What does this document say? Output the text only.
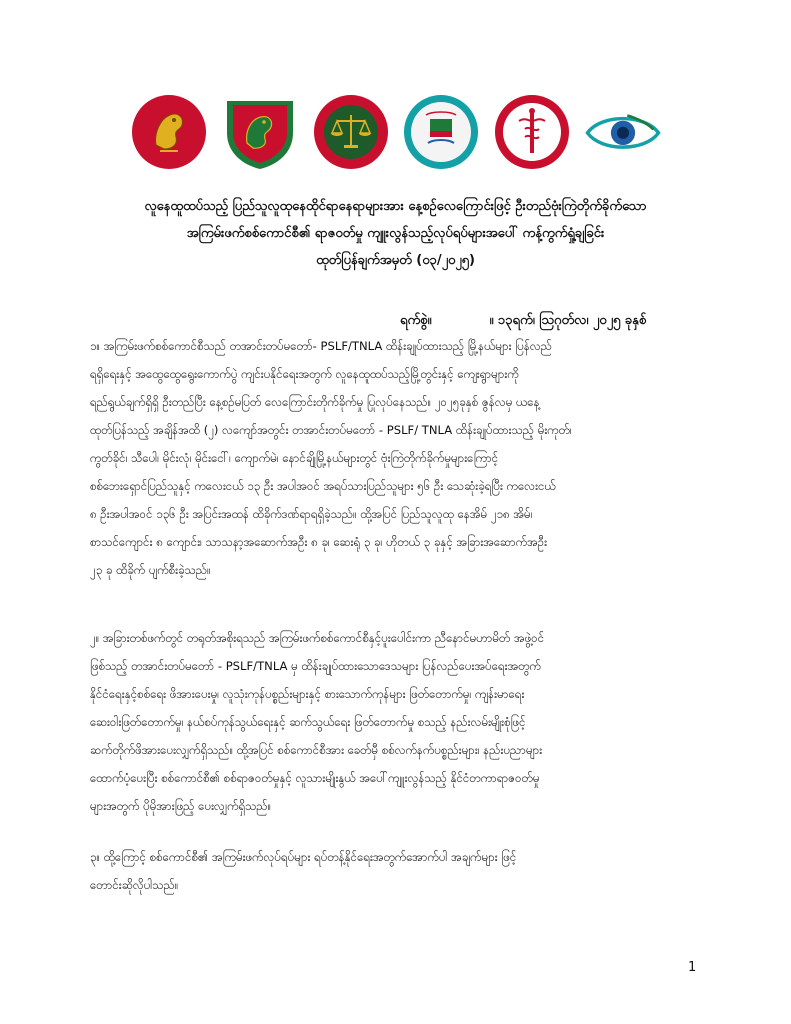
လူနေထူထပ်သည့် ပြည်သူလူထုနေထိုင်ရာနေရာများအား နေ့စဉ်လေကြောင်းဖြင့် ဦးတည်ဗုံးကြဲတိုက်ခိုက်သော
အကြမ်းဖက်စစ်ကောင်စီ၏ ရာဇဝတ်မှု ကျူးလွန်သည့်လုပ်ရပ်များအပေါ် ကန့်ကွက်ရှုံ့ချခြင်း
ထုတ်ပြန်ချက်အမှတ် (၀၃/၂၀၂၅)
ရက်စွဲ။	။ ၁၃ရက်၊ ဩဂုတ်လ၊ ၂၀၂၅ ခုနှစ်
၁။ အကြမ်းဖက်စစ်ကောင်စီသည် တအာင်းတပ်မတော်- PSLF/TNLA ထိန်းချုပ်ထားသည့် မြို့နယ်များ ပြန်လည်
ရရှိရေးနှင့် အထွေထွေရွေးကောက်ပွဲ ကျင်းပနိုင်ရေးအတွက် လူနေထူထပ်သည့်မြို့တွင်းနှင့် ကျေးရွာများကို
ရည်ရွယ်ချက်ရှိရှိ ဦးတည်ပြီး နေ့စဉ်မပြတ် လေကြောင်းတိုက်ခိုက်မှု ပြုလုပ်နေသည်။ ၂၀၂၅ခုနှစ် ဇွန်လမှ ယနေ့
ထုတ်ပြန်သည့် အချိန်အထိ (၂) လကျော်အတွင်း တအာင်းတပ်မတော် - PSLF/ TNLA ထိန်းချုပ်ထားသည့် မိုးကုတ်၊
ကွတ်ခိုင်၊ သီပေါ၊ မိုင်းလုံ၊ မိုင်းငေါ်၊ ကျောက်မဲ၊ နောင်ချိုမြို့နယ်များတွင် ဗုံးကြဲတိုက်ခိုက်မှုများကြောင့်
စစ်ဘေးရှောင်ပြည်သူနှင့် ကလေးငယ် ၁၃ ဦး အပါအဝင် အရပ်သားပြည်သူများ ၅၆ ဦး သေဆုံးခဲ့ရပြီး ကလေးငယ်
၈ ဦးအပါအဝင် ၁၃၆ ဦး အပြင်းအထန် ထိခိုက်ဒဏ်ရာရရှိခဲ့သည်။ ထို့အပြင် ပြည်သူလူထု နေအိမ် ၂၁၈ အိမ်၊
စာသင်ကျောင်း ၈ ကျောင်း၊ သာသနာ့အဆောက်အဦး ၈ ခု၊ ဆေးရုံ ၃ ခု၊ ဟိုတယ် ၃ ခုနှင့် အခြားအဆောက်အဦး
၂၃ ခု ထိခိုက် ပျက်စီးခဲ့သည်။
၂။ အခြားတစ်ဖက်တွင် တရုတ်အစိုးရသည် အကြမ်းဖက်စစ်ကောင်စီနှင့်ပူးပေါင်းကာ ညီနောင်မဟာမိတ် အဖွဲ့ဝင်
ဖြစ်သည့် တအာင်းတပ်မတော် - PSLF/TNLA မှ ထိန်းချုပ်ထားသောဒေသများ ပြန်လည်ပေးအပ်ရေးအတွက်
နိုင်ငံရေးနှင့်စစ်ရေး ဖိအားပေးမှု၊ လူသုံးကုန်ပစ္စည်းများနှင့် စားသောက်ကုန်များ ဖြတ်တောက်မှု၊ ကျန်းမာရေး
ဆေးဝါးဖြတ်တောက်မှု၊ နယ်စပ်ကုန်သွယ်ရေးနှင့် ဆက်သွယ်ရေး ဖြတ်တောက်မှု စသည့် နည်းလမ်းမျိုးစုံဖြင့်
ဆက်တိုက်ဖိအားပေးလျှက်ရှိသည်။ ထို့အပြင် စစ်ကောင်စီအား ခေတ်မှီ စစ်လက်နက်ပစ္စည်းများ၊ နည်းပညာများ
ထောက်ပံ့ပေးပြီး စစ်ကောင်စီ၏ စစ်ရာဇဝတ်မှုနှင့် လူသားမျိုးနွယ် အပေါ်ကျူးလွန်သည့် နိုင်ငံတကာရာဇဝတ်မှု
များအတွက် ပိုမိုအားဖြည့် ပေးလျှက်ရှိသည်။
၃။ ထို့ကြောင့် စစ်ကောင်စီ၏ အကြမ်းဖက်လုပ်ရပ်များ ရပ်တန့်နိုင်ရေးအတွက်အောက်ပါ အချက်များ ဖြင့်
တောင်းဆိုလိုပါသည်။
1
